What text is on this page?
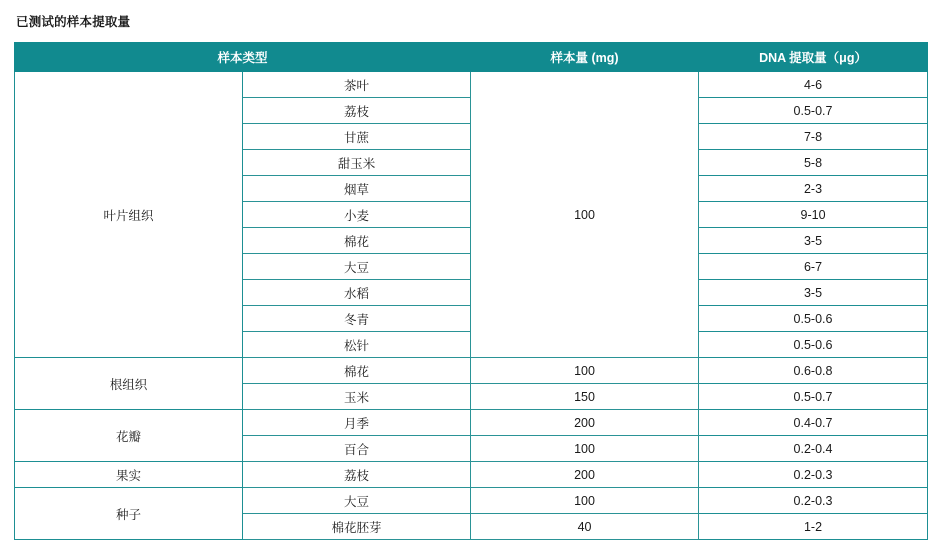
已测试的样本提取量
样本类型		样本量 (mg)	DNA 提取量（μg）
叶片组织	茶叶	100	4-6
	荔枝		0.5-0.7
	甘蔗		7-8
	甜玉米		5-8
	烟草		2-3
	小麦		9-10
	棉花		3-5
	大豆		6-7
	水稻		3-5
	冬青		0.5-0.6
	松针		0.5-0.6
根组织	棉花	100	0.6-0.8
	玉米	150	0.5-0.7
花瓣	月季	200	0.4-0.7
	百合	100	0.2-0.4
果实	荔枝	200	0.2-0.3
种子	大豆	100	0.2-0.3
	棉花胚芽	40	1-2
